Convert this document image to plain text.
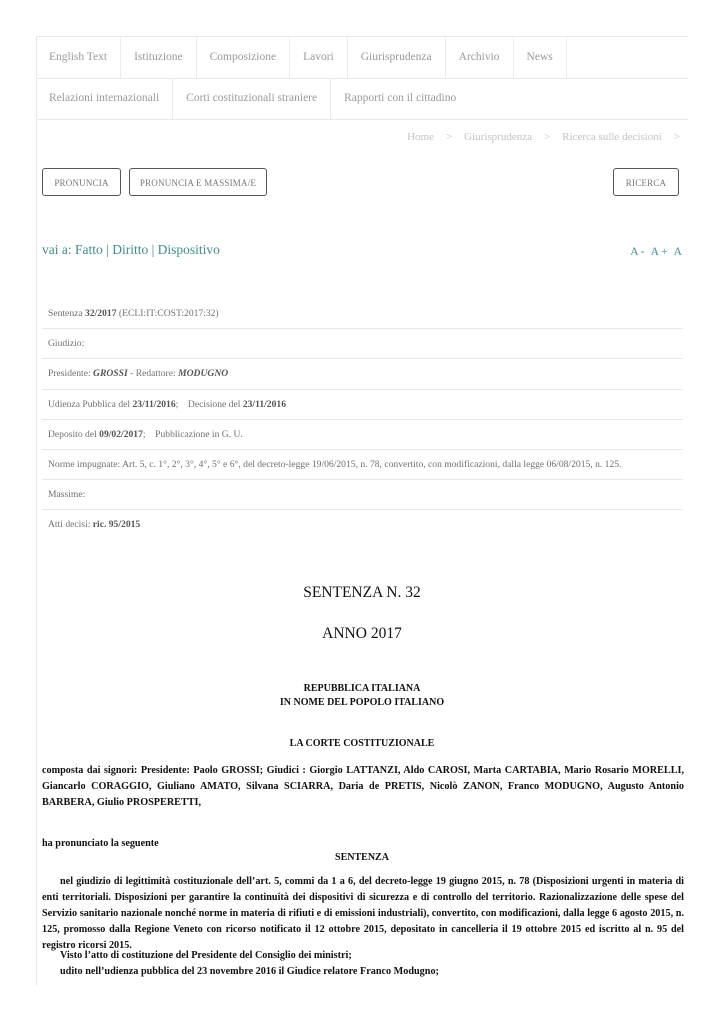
English Text	Istituzione	Composizione	Lavori	Giurisprudenza	Archivio	News
Relazioni internazionali	Corti costituzionali straniere	Rapporti con il cittadino
Home > Giurisprudenza > Ricerca sulle decisioni >
PRONUNCIA	PRONUNCIA E MASSIMA/E	RICERCA
vai a: Fatto | Diritto | Dispositivo	A- A+ A
Sentenza 32/2017 (ECLI:IT:COST:2017:32)
Giudizio:
Presidente: GROSSI - Redattore: MODUGNO
Udienza Pubblica del 23/11/2016;    Decisione del 23/11/2016
Deposito del 09/02/2017;    Pubblicazione in G. U.
Norme impugnate: Art. 5, c. 1°, 2°, 3°, 4°, 5° e 6°, del decreto-legge 19/06/2015, n. 78, convertito, con modificazioni, dalla legge 06/08/2015, n. 125.
Massime:
Atti decisi: ric. 95/2015
SENTENZA N. 32
ANNO 2017
REPUBBLICA ITALIANA
IN NOME DEL POPOLO ITALIANO
LA CORTE COSTITUZIONALE
composta dai signori: Presidente: Paolo GROSSI; Giudici : Giorgio LATTANZI, Aldo CAROSI, Marta CARTABIA, Mario Rosario MORELLI, Giancarlo CORAGGIO, Giuliano AMATO, Silvana SCIARRA, Daria de PRETIS, Nicolò ZANON, Franco MODUGNO, Augusto Antonio BARBERA, Giulio PROSPERETTI,
ha pronunciato la seguente
SENTENZA
nel giudizio di legittimità costituzionale dell’art. 5, commi da 1 a 6, del decreto-legge 19 giugno 2015, n. 78 (Disposizioni urgenti in materia di enti territoriali. Disposizioni per garantire la continuità dei dispositivi di sicurezza e di controllo del territorio. Razionalizzazione delle spese del Servizio sanitario nazionale nonché norme in materia di rifiuti e di emissioni industriali), convertito, con modificazioni, dalla legge 6 agosto 2015, n. 125, promosso dalla Regione Veneto con ricorso notificato il 12 ottobre 2015, depositato in cancelleria il 19 ottobre 2015 ed iscritto al n. 95 del registro ricorsi 2015.
Visto l’atto di costituzione del Presidente del Consiglio dei ministri;
udito nell’udienza pubblica del 23 novembre 2016 il Giudice relatore Franco Modugno;
